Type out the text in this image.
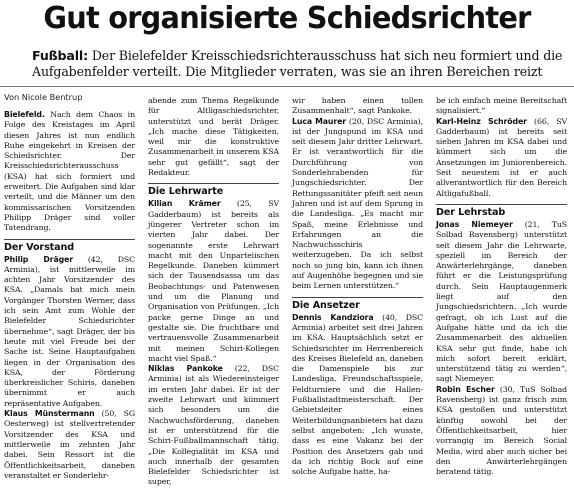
Gut organisierte Schiedsrichter
Fußball: Der Bielefelder Kreisschiedsrichterausschuss hat sich neu formiert und die Aufgabenfelder verteilt. Die Mitglieder verraten, was sie an ihren Bereichen reizt
Von Nicole Bentrup

Bielefeld. Nach dem Chaos in Folge des Kreistages im April diesen Jahres ist nun endlich Ruhe eingekehrt in Kreisen der Schiedsrichter. Der Kreisschiedsrichterausschuss (KSA) hat sich formiert und erweitert. Die Aufgaben sind klar verteilt, und die Männer um den kommissarischen Vorsitzenden Philipp Dräger sind voller Tatendrang.

Der Vorstand

Philip Dräger (42, DSC Arminia), ist mittlerweile im achten Jahr Vorsitzender des KSA. „Damals bat mich mein Vorgänger Thorsten Werner, dass ich sein Amt zum Wohle der Bielefelder Schiedsrichter übernehme“, sagt Dräger, der bis heute mit viel Freude bei der Sache ist. Seine Hauptaufgaben liegen in der Organisation des KSA, der Förderung überkreislicher Schiris, daneben übernimmt er auch repräsentative Aufgaben.

Klaus Münstermann (50, SG Oesterweg) ist stellvertretender Vorsitzender des KSA und mittlerweile im zehnten Jahr dabei. Sein Ressort ist die Öffentlichkeitsarbeit, daneben veranstaltet er Sonderlehr-

abende zum Thema Regelkunde für Altligaschiedsrichter, unterstützt und berät Dräger. „Ich mache diese Tätigkeiten, weil mir die konstruktive Zusammenarbeit in unserem KSA sehr gut gefällt“, sagt der Redakteur.

Die Lehrwarte

Kilian Krämer (25, SV Gadderbaum) ist bereits als jüngerer Vertreter schon im vierten Jahr dabei. Der sogenannte erste Lehrwart macht mit den Unparteiischen Regelkunde. Daneben kümmert sich der Tausendsassa um das Beobachtungs- und Patenwesen und um die Planung und Organisation von Prüfungen. „Ich packe gerne Dinge an und gestalte sie. Die fruchtbare und vertrauensvolle Zusammenarbeit mit meinen Schiri-Kollegen macht viel Spaß.“

Niklas Pankoke (22, DSC Arminia) ist als Wiedereinsteiger im ersten Jahr dabei. Er ist der zweite Lehrwart und kümmert sich besonders um die Nachwuchsförderung, daneben ist er unterstützend für die Schiri-Fußballmannschaft tätig. „Die Kollegialität im KSA und auch innerhalb der gesamten Bielefelder Schiedsrichter ist super,

wir haben einen tollen Zusammenhalt“, sagt Pankoke.

Luca Maurer (20, DSC Arminia), ist der Jungspund im KSA und seit diesem Jahr dritter Lehrwart. Er ist verantwortlich für die Durchführung von Sonderlehrabenden für Jungschiedsrichter. Der Rettungssanitäter pfeift seit neun Jahren und ist auf dem Sprung in die Landesliga. „Es macht mir Spaß, meine Erlebnisse und Erfahrungen an die Nachwuchsschiris weiterzugeben. Da ich selbst noch so jung bin, kann ich ihnen auf Augenhöhe begegnen und sie beim Lernen unterstützen.“

Die Ansetzer

Dennis Kandziora (40, DSC Arminia) arbeitet seit drei Jahren im KSA. Hauptsächlich setzt er Schiedsrichter im Herrenbereich des Kreises Bielefeld an, daneben die Damenspiele bis zur Landesliga, Freundschaftsspiele, Feldturniere und die Hallen-Fußballstadtmeisterschaft. Der Gebietsleiter eines Weiterbildungsanbieters hat dazu selbst angeboten: „Ich wusste, dass es eine Vakanz bei der Position des Ansetzers gab und da ich richtig Bock auf eine solche Aufgabe hatte, ha-

be ich einfach meine Bereitschaft signalisiert.“

Karl-Heinz Schröder (66, SV Gadderbaum) ist bereits seit sieben Jahren im KSA dabei und kümmert sich um die Ansetzungen im Juniorenbereich. Seit neuestem ist er auch allverantwortlich für den Bereich Altligafußball.

Der Lehrstab

Jonas Niemeyer (21, TuS Solbad Ravensberg) unterstützt seit diesem Jahr die Lehrwarte, speziell im Bereich der Anwärterlehrgänge, daneben führt er die Leistungsprüfung durch. Sein Hauptaugenmerk liegt auf den Jungschiedsrichtern. „Ich wurde gefragt, ob ich Lust auf die Aufgabe hätte und da ich die Zusammenarbeit des aktuellen KSA sehr gut finde, habe ich mich sofort bereit erklärt, unterstützend tätig zu werden“, sagt Niemeyer.

Robin Escher (30, TuS Solbad Ravensberg) ist ganz frisch zum KSA gestoßen und unterstützt künftig sowohl bei der Öffentlichkeitsarbeit, hier vorrangig im Bereich Social Media, wird aber auch sicher bei den Anwärterlehrgängen beratend tätig.
